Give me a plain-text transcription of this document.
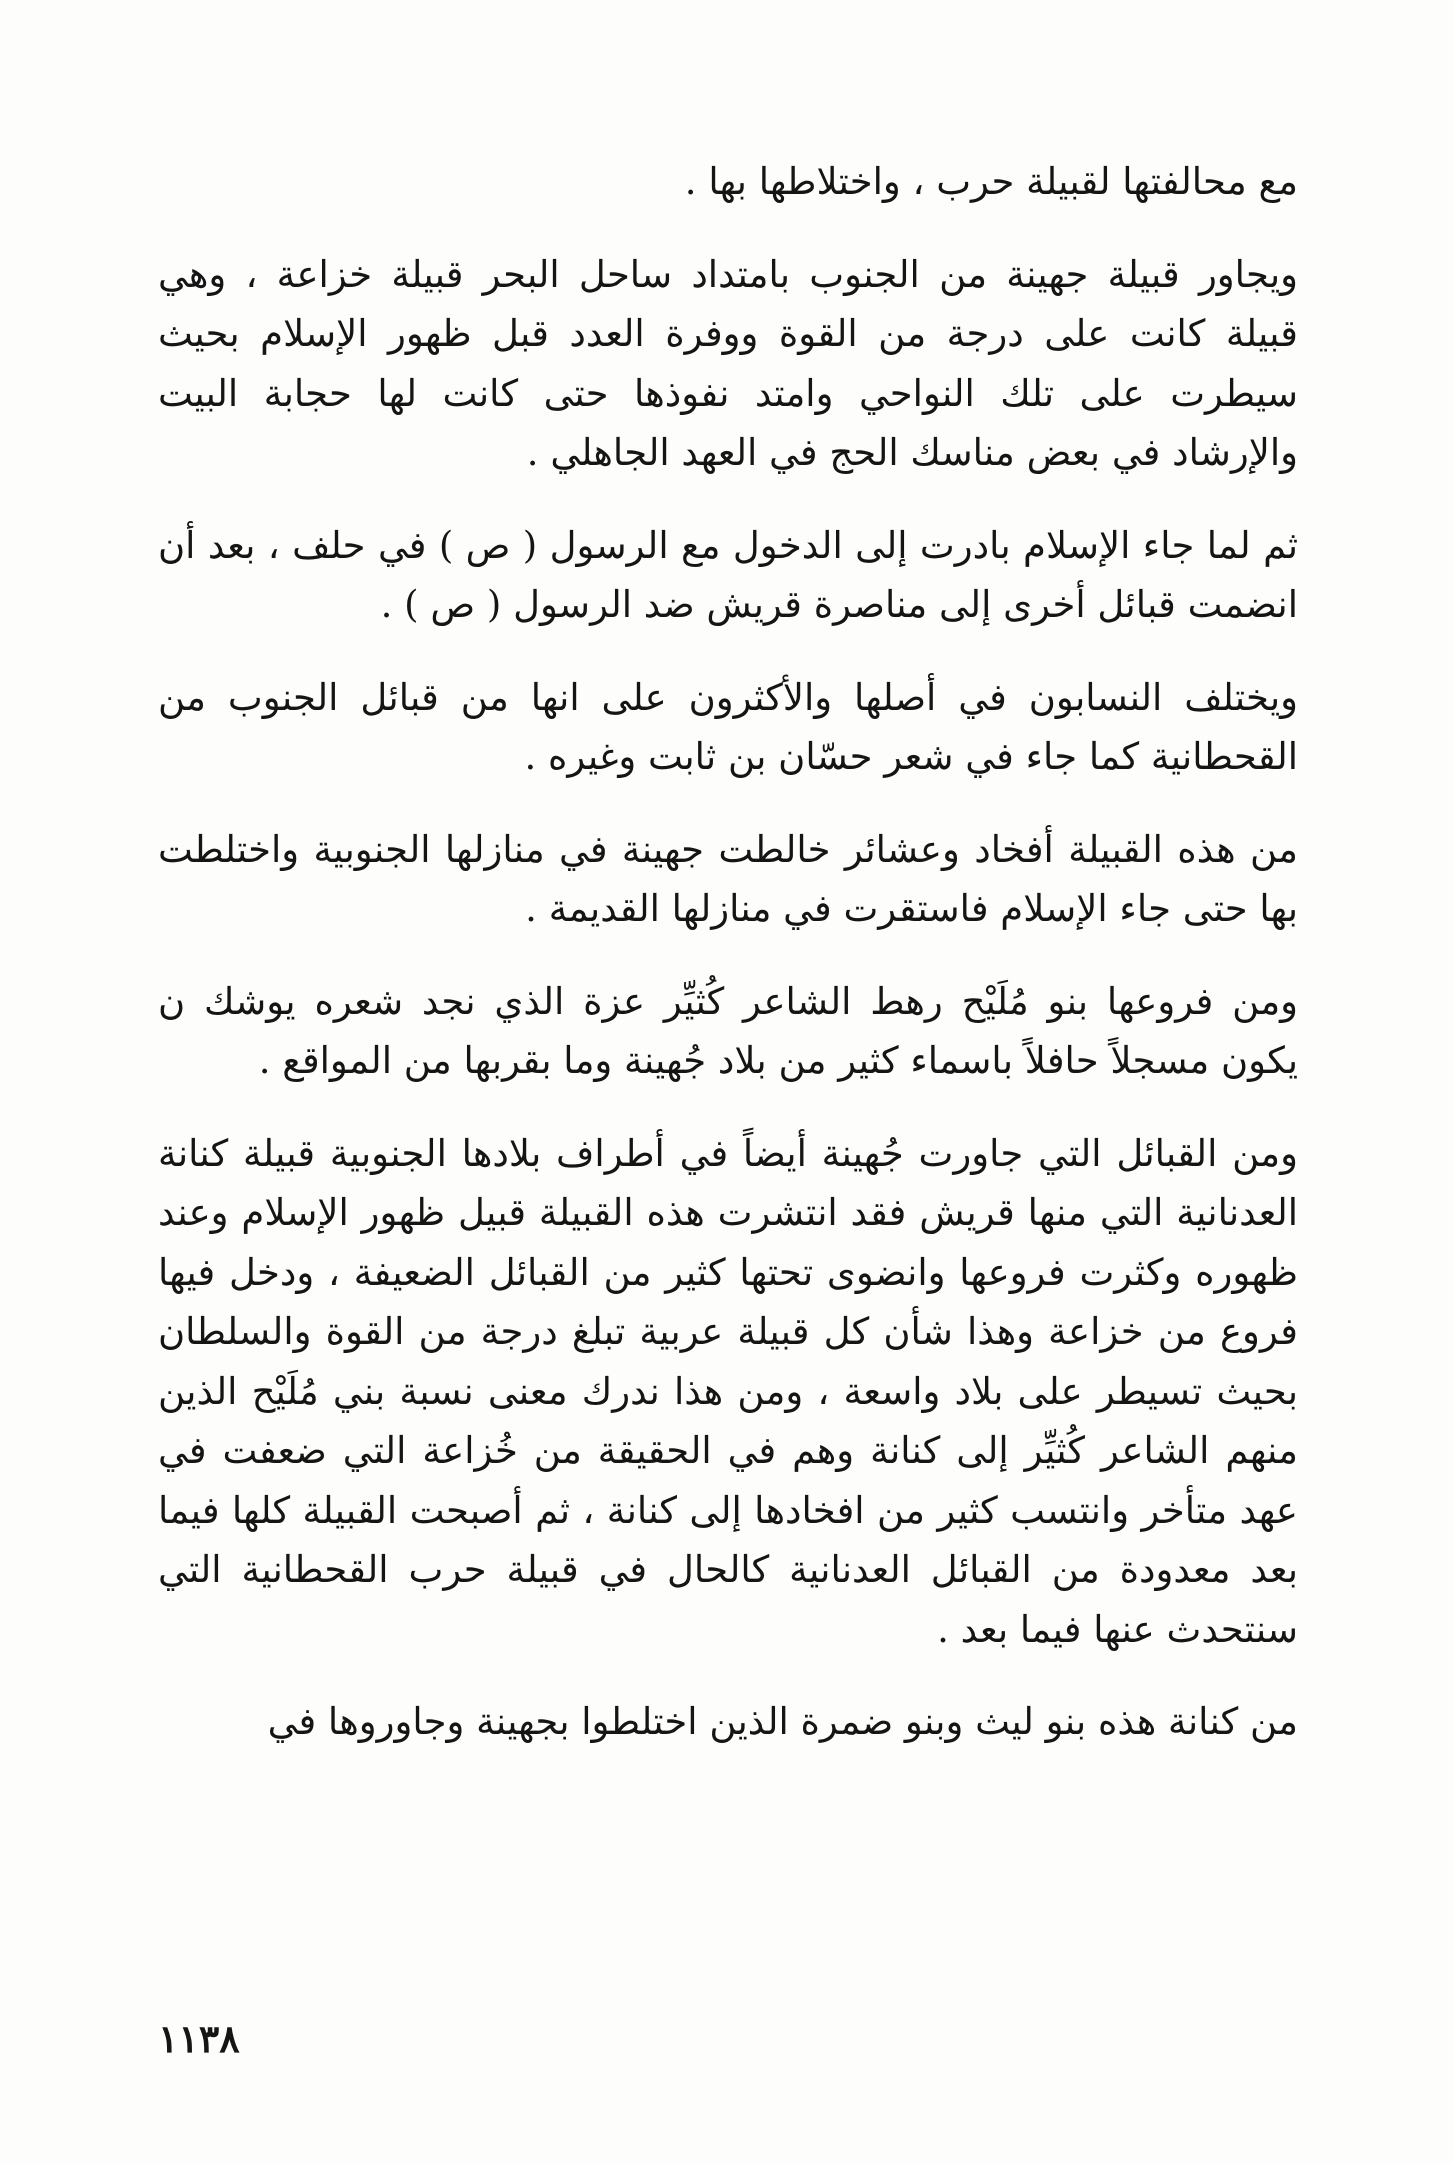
مع محالفتها لقبيلة حرب ، واختلاطها بها .

ويجاور قبيلة جهينة من الجنوب بامتداد ساحل البحر قبيلة خزاعة ، وهي قبيلة كانت على درجة من القوة ووفرة العدد قبل ظهور الإسلام بحيث سيطرت على تلك النواحي وامتد نفوذها حتى كانت لها حجابة البيت والإرشاد في بعض مناسك الحج في العهد الجاهلي .

ثم لما جاء الإسلام بادرت إلى الدخول مع الرسول ( ص ) في حلف ، بعد أن انضمت قبائل أخرى إلى مناصرة قريش ضد الرسول ( ص ) .

ويختلف النسابون في أصلها والأكثرون على انها من قبائل الجنوب من القحطانية كما جاء في شعر حسّان بن ثابت وغيره .

من هذه القبيلة أفخاد وعشائر خالطت جهينة في منازلها الجنوبية واختلطت بها حتى جاء الإسلام فاستقرت في منازلها القديمة .

ومن فروعها بنو مُلَيْح رهط الشاعر كُثيِّر عزة الذي نجد شعره يوشك ن يكون مسجلاً حافلاً باسماء كثير من بلاد جُهينة وما بقربها من المواقع .

ومن القبائل التي جاورت جُهينة أيضاً في أطراف بلادها الجنوبية قبيلة كنانة العدنانية التي منها قريش فقد انتشرت هذه القبيلة قبيل ظهور الإسلام وعند ظهوره وكثرت فروعها وانضوى تحتها كثير من القبائل الضعيفة ، ودخل فيها فروع من خزاعة وهذا شأن كل قبيلة عربية تبلغ درجة من القوة والسلطان بحيث تسيطر على بلاد واسعة ، ومن هذا ندرك معنى نسبة بني مُلَيْح الذين منهم الشاعر كُثيِّر إلى كنانة وهم في الحقيقة من خُزاعة التي ضعفت في عهد متأخر وانتسب كثير من افخادها إلى كنانة ، ثم أصبحت القبيلة كلها فيما بعد معدودة من القبائل العدنانية كالحال في قبيلة حرب القحطانية التي سنتحدث عنها فيما بعد .

من كنانة هذه بنو ليث وبنو ضمرة الذين اختلطوا بجهينة وجاوروها في

١١٣٨
